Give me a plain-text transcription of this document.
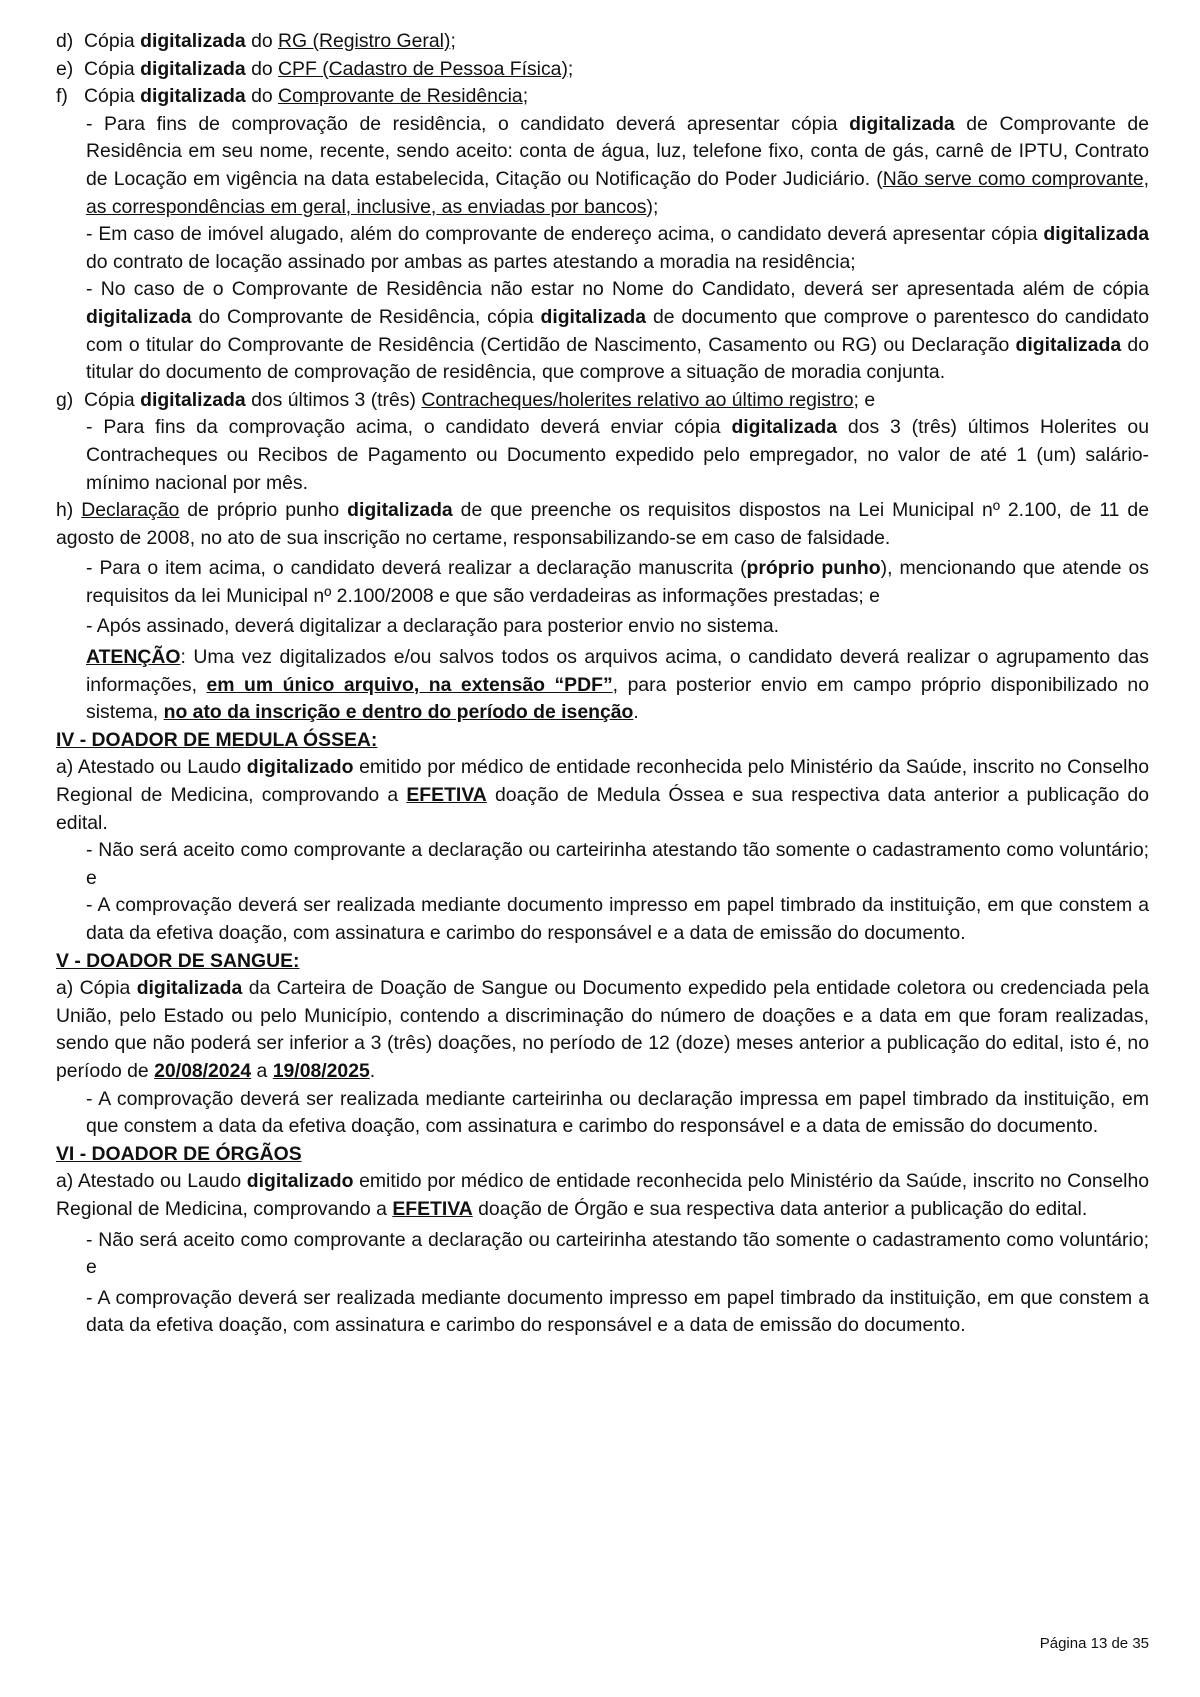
d) Cópia digitalizada do RG (Registro Geral);

e) Cópia digitalizada do CPF (Cadastro de Pessoa Física);

f) Cópia digitalizada do Comprovante de Residência;

- Para fins de comprovação de residência, o candidato deverá apresentar cópia digitalizada de Comprovante de Residência em seu nome, recente, sendo aceito: conta de água, luz, telefone fixo, conta de gás, carnê de IPTU, Contrato de Locação em vigência na data estabelecida, Citação ou Notificação do Poder Judiciário. (Não serve como comprovante, as correspondências em geral, inclusive, as enviadas por bancos);

- Em caso de imóvel alugado, além do comprovante de endereço acima, o candidato deverá apresentar cópia digitalizada do contrato de locação assinado por ambas as partes atestando a moradia na residência;

- No caso de o Comprovante de Residência não estar no Nome do Candidato, deverá ser apresentada além de cópia digitalizada do Comprovante de Residência, cópia digitalizada de documento que comprove o parentesco do candidato com o titular do Comprovante de Residência (Certidão de Nascimento, Casamento ou RG) ou Declaração digitalizada do titular do documento de comprovação de residência, que comprove a situação de moradia conjunta.

g) Cópia digitalizada dos últimos 3 (três) Contracheques/holerites relativo ao último registro; e

- Para fins da comprovação acima, o candidato deverá enviar cópia digitalizada dos 3 (três) últimos Holerites ou Contracheques ou Recibos de Pagamento ou Documento expedido pelo empregador, no valor de até 1 (um) salário-mínimo nacional por mês.

h) Declaração de próprio punho digitalizada de que preenche os requisitos dispostos na Lei Municipal nº 2.100, de 11 de agosto de 2008, no ato de sua inscrição no certame, responsabilizando-se em caso de falsidade.

- Para o item acima, o candidato deverá realizar a declaração manuscrita (próprio punho), mencionando que atende os requisitos da lei Municipal nº 2.100/2008 e que são verdadeiras as informações prestadas; e

- Após assinado, deverá digitalizar a declaração para posterior envio no sistema.

ATENÇÃO: Uma vez digitalizados e/ou salvos todos os arquivos acima, o candidato deverá realizar o agrupamento das informações, em um único arquivo, na extensão “PDF”, para posterior envio em campo próprio disponibilizado no sistema, no ato da inscrição e dentro do período de isenção.

IV - DOADOR DE MEDULA ÓSSEA:

a) Atestado ou Laudo digitalizado emitido por médico de entidade reconhecida pelo Ministério da Saúde, inscrito no Conselho Regional de Medicina, comprovando a EFETIVA doação de Medula Óssea e sua respectiva data anterior a publicação do edital.

- Não será aceito como comprovante a declaração ou carteirinha atestando tão somente o cadastramento como voluntário; e

- A comprovação deverá ser realizada mediante documento impresso em papel timbrado da instituição, em que constem a data da efetiva doação, com assinatura e carimbo do responsável e a data de emissão do documento.

V - DOADOR DE SANGUE:

a) Cópia digitalizada da Carteira de Doação de Sangue ou Documento expedido pela entidade coletora ou credenciada pela União, pelo Estado ou pelo Município, contendo a discriminação do número de doações e a data em que foram realizadas, sendo que não poderá ser inferior a 3 (três) doações, no período de 12 (doze) meses anterior a publicação do edital, isto é, no período de 20/08/2024 a 19/08/2025.

- A comprovação deverá ser realizada mediante carteirinha ou declaração impressa em papel timbrado da instituição, em que constem a data da efetiva doação, com assinatura e carimbo do responsável e a data de emissão do documento.

VI - DOADOR DE ÓRGÃOS

a) Atestado ou Laudo digitalizado emitido por médico de entidade reconhecida pelo Ministério da Saúde, inscrito no Conselho Regional de Medicina, comprovando a EFETIVA doação de Órgão e sua respectiva data anterior a publicação do edital.

- Não será aceito como comprovante a declaração ou carteirinha atestando tão somente o cadastramento como voluntário; e

- A comprovação deverá ser realizada mediante documento impresso em papel timbrado da instituição, em que constem a data da efetiva doação, com assinatura e carimbo do responsável e a data de emissão do documento.

Página 13 de 35
